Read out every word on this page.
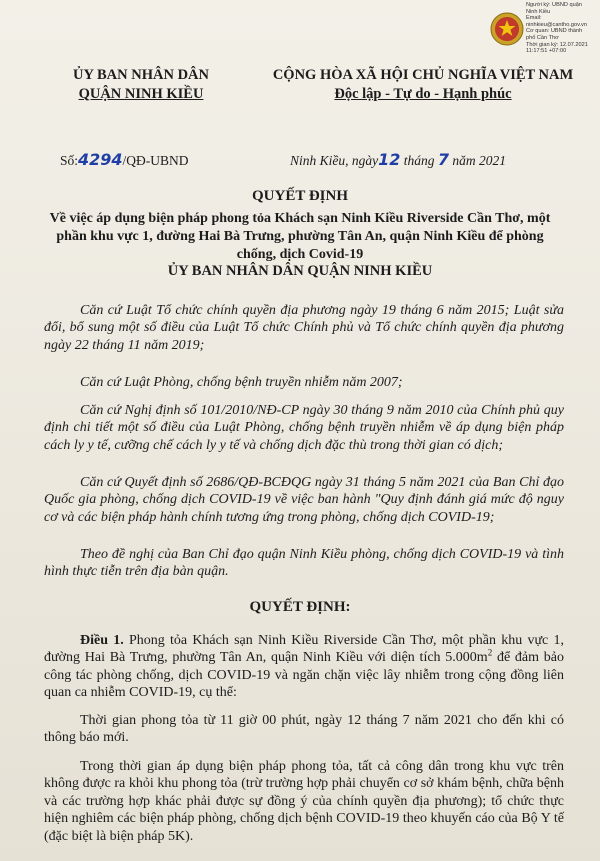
Người ký: UBND quận
Ninh Kiều
Email:
ninhkieu@cantho.gov.vn
Cơ quan: UBND thành
phố Cần Thơ
Thời gian ký: 12.07.2021
11:17:51 +07:00
ỦY BAN NHÂN DÂN
QUẬN NINH KIỀU
CỘNG HÒA XÃ HỘI CHỦ NGHĨA VIỆT NAM
Độc lập - Tự do - Hạnh phúc
Số:4294/QĐ-UBND	Ninh Kiều, ngày12 tháng 7 năm 2021
QUYẾT ĐỊNH
Về việc áp dụng biện pháp phong tỏa Khách sạn Ninh Kiều Riverside Cần Thơ, một phần khu vực 1, đường Hai Bà Trưng, phường Tân An, quận Ninh Kiều để phòng chống, dịch Covid-19
ỦY BAN NHÂN DÂN QUẬN NINH KIỀU
Căn cứ Luật Tổ chức chính quyền địa phương ngày 19 tháng 6 năm 2015; Luật sửa đổi, bổ sung một số điều của Luật Tổ chức Chính phủ và Tổ chức chính quyền địa phương ngày 22 tháng 11 năm 2019;
Căn cứ Luật Phòng, chống bệnh truyền nhiễm năm 2007;
Căn cứ Nghị định số 101/2010/NĐ-CP ngày 30 tháng 9 năm 2010 của Chính phủ quy định chi tiết một số điều của Luật Phòng, chống bệnh truyền nhiễm về áp dụng biện pháp cách ly y tế, cưỡng chế cách ly y tế và chống dịch đặc thù trong thời gian có dịch;
Căn cứ Quyết định số 2686/QĐ-BCĐQG ngày 31 tháng 5 năm 2021 của Ban Chỉ đạo Quốc gia phòng, chống dịch COVID-19 về việc ban hành "Quy định đánh giá mức độ nguy cơ và các biện pháp hành chính tương ứng trong phòng, chống dịch COVID-19;
Theo đề nghị của Ban Chỉ đạo quận Ninh Kiều phòng, chống dịch COVID-19 và tình hình thực tiễn trên địa bàn quận.
QUYẾT ĐỊNH:
Điều 1. Phong tỏa Khách sạn Ninh Kiều Riverside Cần Thơ, một phần khu vực 1, đường Hai Bà Trưng, phường Tân An, quận Ninh Kiều với diện tích $5.000m^2$ để đảm bảo công tác phòng chống, dịch COVID-19 và ngăn chặn việc lây nhiễm trong cộng đồng liên quan ca nhiễm COVID-19, cụ thể:
Thời gian phong tỏa từ 11 giờ 00 phút, ngày 12 tháng 7 năm 2021 cho đến khi có thông báo mới.
Trong thời gian áp dụng biện pháp phong tỏa, tất cả công dân trong khu vực trên không được ra khỏi khu phong tỏa (trừ trường hợp phải chuyển cơ sở khám bệnh, chữa bệnh và các trường hợp khác phải được sự đồng ý của chính quyền địa phương); tổ chức thực hiện nghiêm các biện pháp phòng, chống dịch bệnh COVID-19 theo khuyến cáo của Bộ Y tế (đặc biệt là biện pháp 5K).
